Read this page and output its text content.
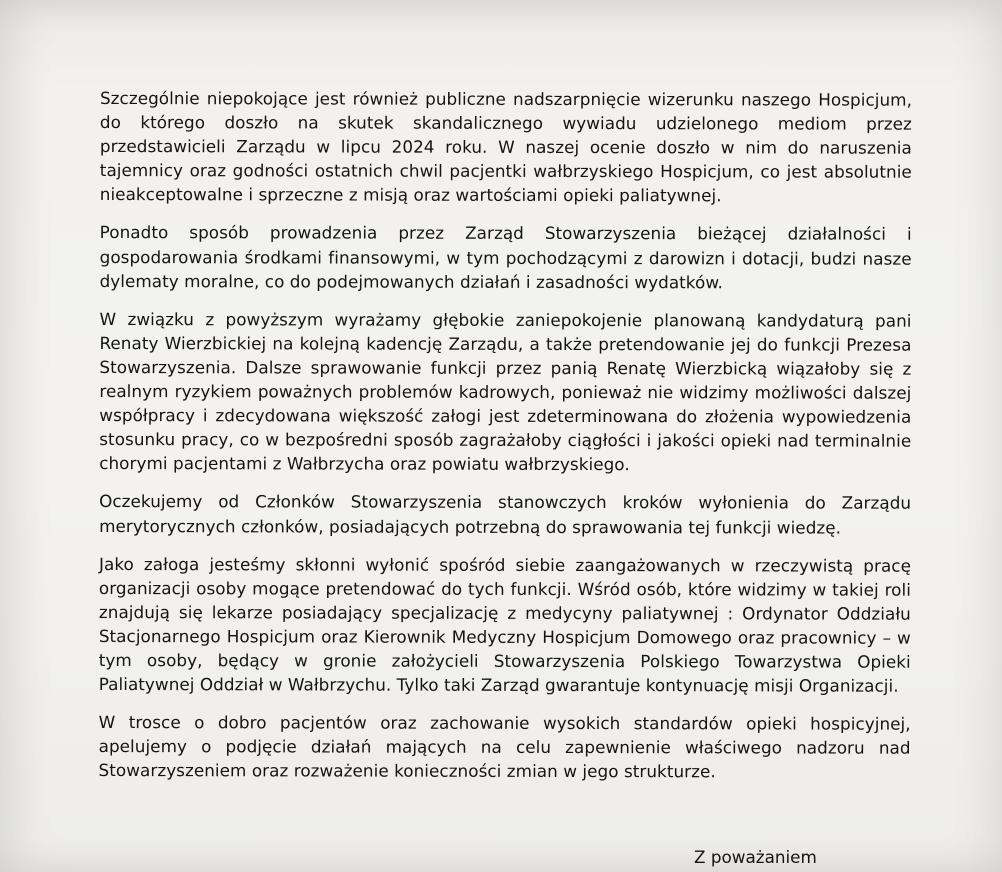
Szczególnie niepokojące jest również publiczne nadszarpnięcie wizerunku naszego Hospicjum, do którego doszło na skutek skandalicznego wywiadu udzielonego mediom przez przedstawicieli Zarządu w lipcu 2024 roku. W naszej ocenie doszło w nim do naruszenia tajemnicy oraz godności ostatnich chwil pacjentki wałbrzyskiego Hospicjum, co jest absolutnie nieakceptowalne i sprzeczne z misją oraz wartościami opieki paliatywnej.

Ponadto sposób prowadzenia przez Zarząd Stowarzyszenia bieżącej działalności i gospodarowania środkami finansowymi, w tym pochodzącymi z darowizn i dotacji, budzi nasze dylematy moralne, co do podejmowanych działań i zasadności wydatków.

W związku z powyższym wyrażamy głębokie zaniepokojenie planowaną kandydaturą pani Renaty Wierzbickiej na kolejną kadencję Zarządu, a także pretendowanie jej do funkcji Prezesa Stowarzyszenia. Dalsze sprawowanie funkcji przez panią Renatę Wierzbicką wiązałoby się z realnym ryzykiem poważnych problemów kadrowych, ponieważ nie widzimy możliwości dalszej współpracy i zdecydowana większość załogi jest zdeterminowana do złożenia wypowiedzenia stosunku pracy, co w bezpośredni sposób zagrażałoby ciągłości i jakości opieki nad terminalnie chorymi pacjentami z Wałbrzycha oraz powiatu wałbrzyskiego.

Oczekujemy od Członków Stowarzyszenia stanowczych kroków wyłonienia do Zarządu merytorycznych członków, posiadających potrzebną do sprawowania tej funkcji wiedzę.

Jako załoga jesteśmy skłonni wyłonić spośród siebie zaangażowanych w rzeczywistą pracę organizacji osoby mogące pretendować do tych funkcji. Wśród osób, które widzimy w takiej roli znajdują się lekarze posiadający specjalizację z medycyny paliatywnej : Ordynator Oddziału Stacjonarnego Hospicjum oraz Kierownik Medyczny Hospicjum Domowego oraz pracownicy – w tym osoby, będący w gronie założycieli Stowarzyszenia Polskiego Towarzystwa Opieki Paliatywnej Oddział w Wałbrzychu. Tylko taki Zarząd gwarantuje kontynuację misji Organizacji.

W trosce o dobro pacjentów oraz zachowanie wysokich standardów opieki hospicyjnej, apelujemy o podjęcie działań mających na celu zapewnienie właściwego nadzoru nad Stowarzyszeniem oraz rozważenie konieczności zmian w jego strukturze.

Z poważaniem
